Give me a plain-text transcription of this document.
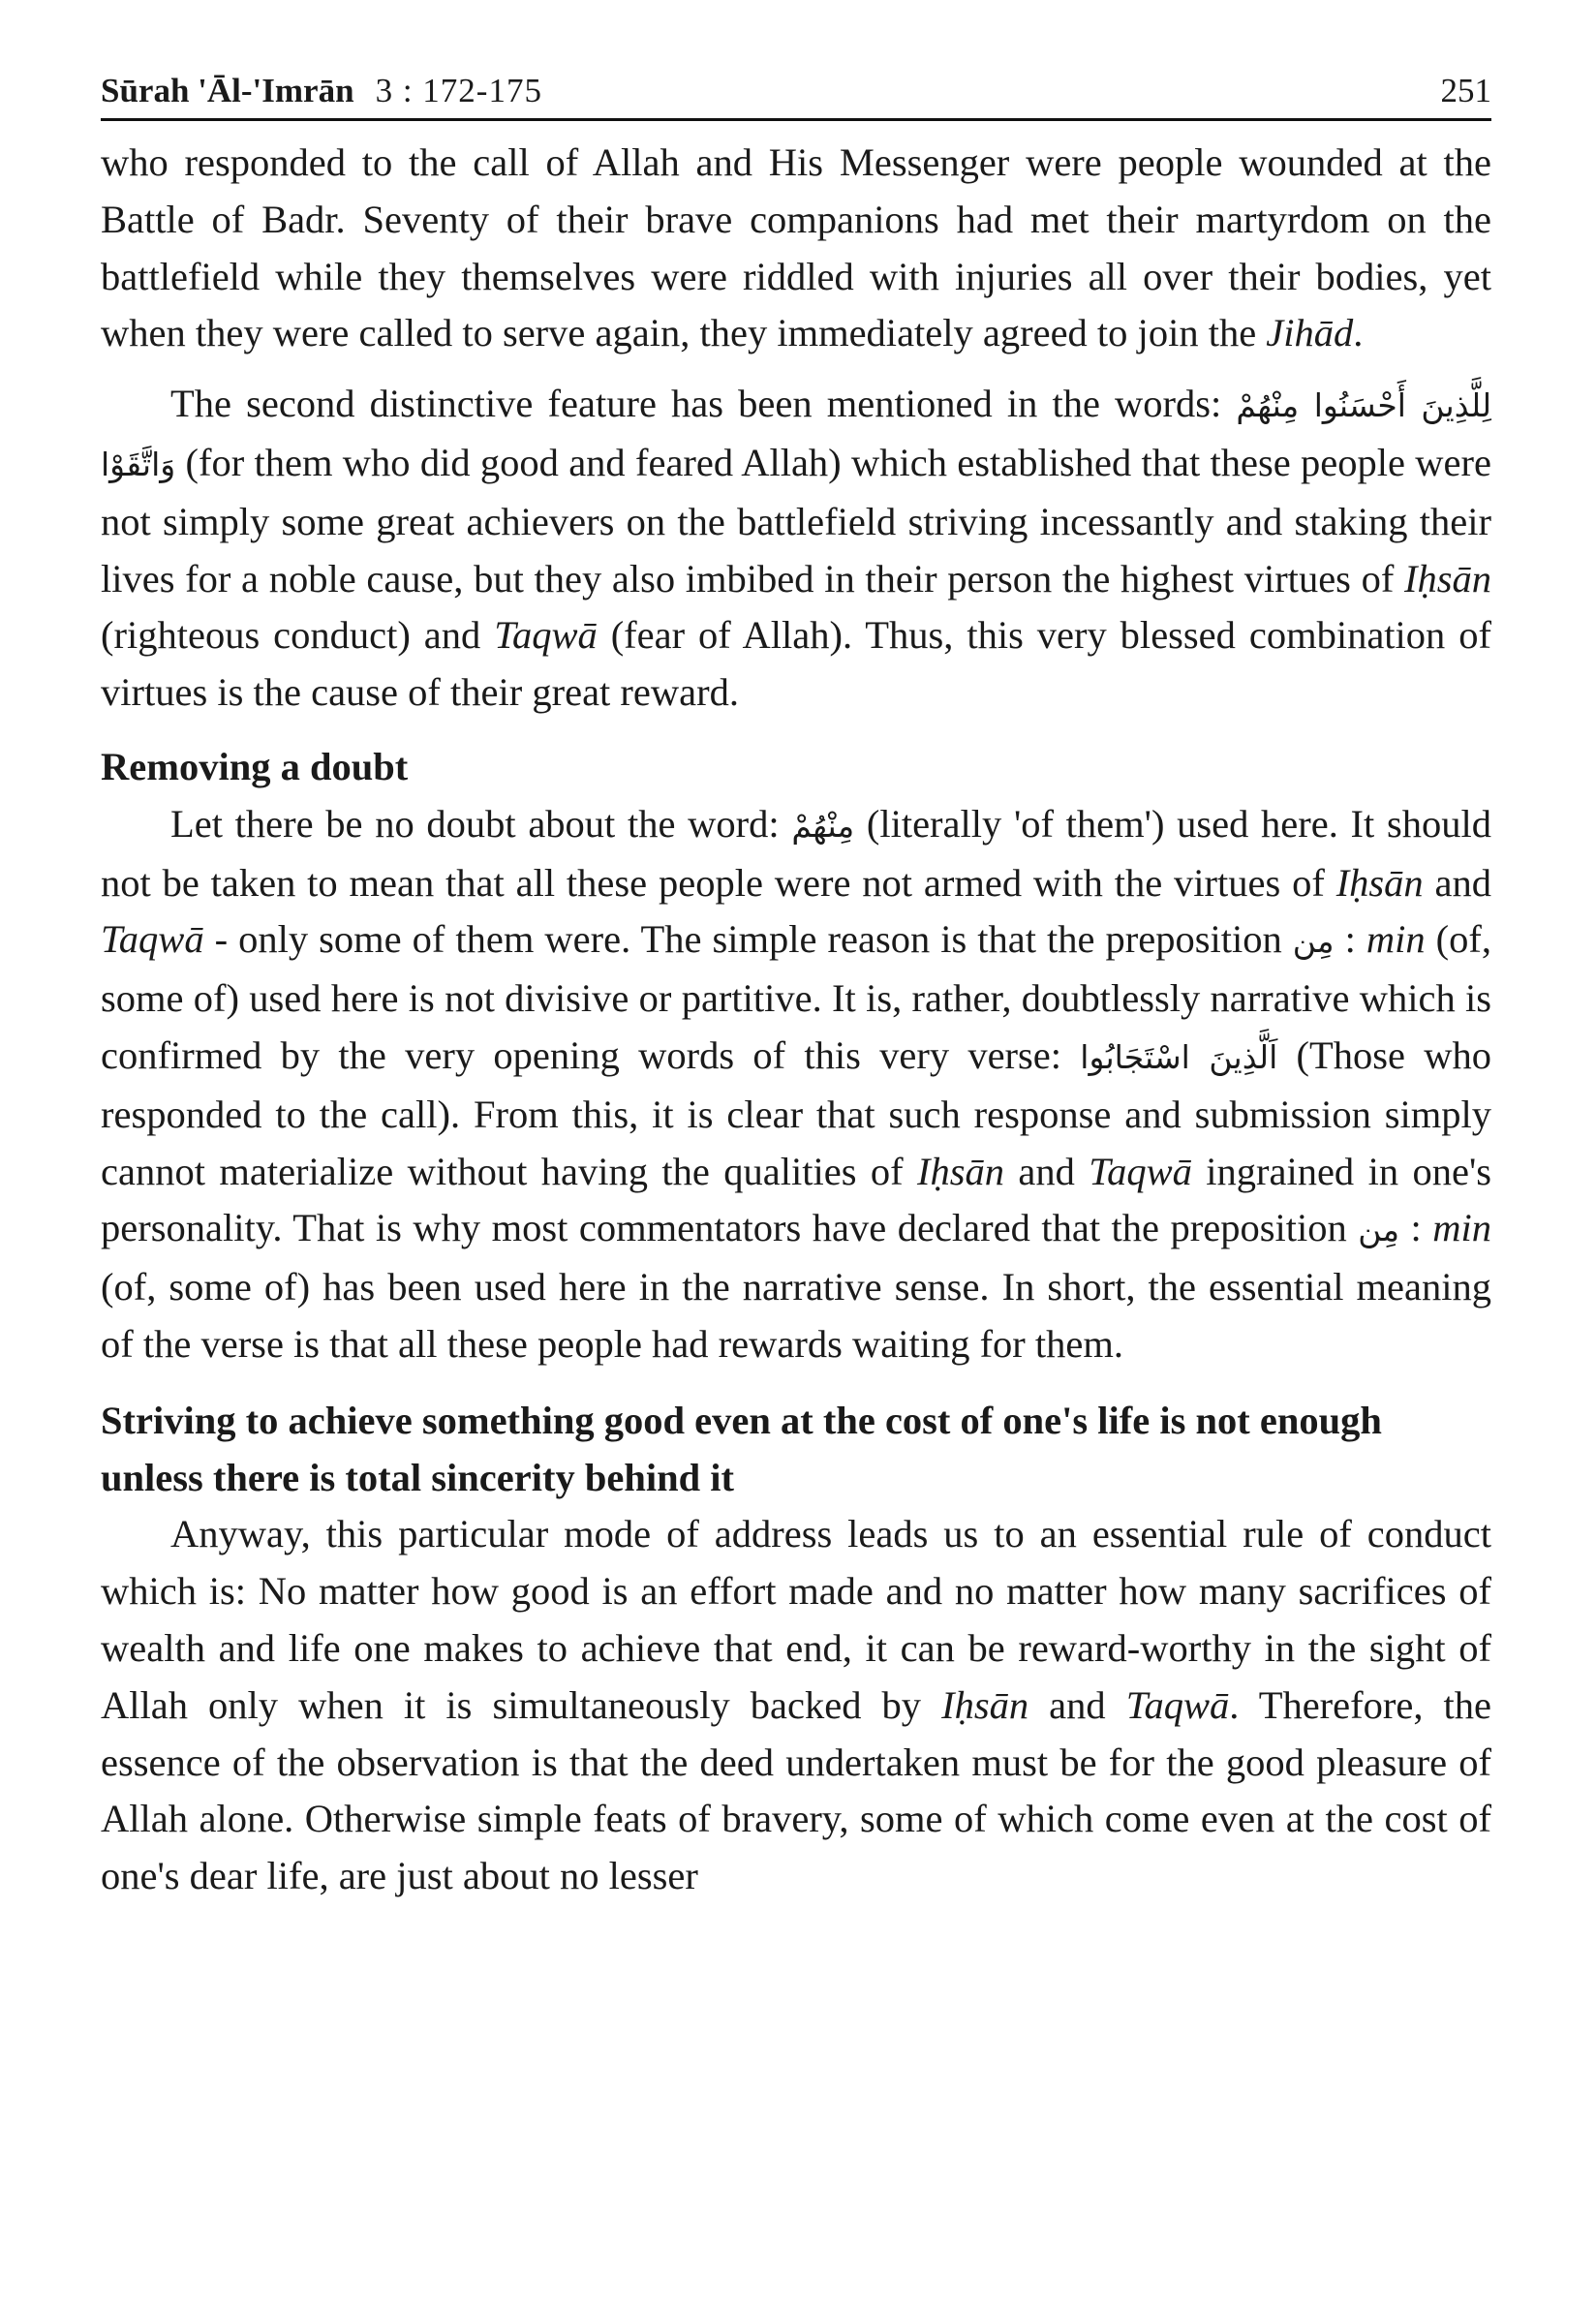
Sūrah 'Āl-'Imrān 3 : 172-175	251

who responded to the call of Allah and His Messenger were people wounded at the Battle of Badr. Seventy of their brave companions had met their martyrdom on the battlefield while they themselves were riddled with injuries all over their bodies, yet when they were called to serve again, they immediately agreed to join the Jihād.

The second distinctive feature has been mentioned in the words: لِلَّذِينَ أَحْسَنُوا مِنْهُمْ وَاتَّقَوْا (for them who did good and feared Allah) which established that these people were not simply some great achievers on the battlefield striving incessantly and staking their lives for a noble cause, but they also imbibed in their person the highest virtues of Iḥsān (righteous conduct) and Taqwā (fear of Allah). Thus, this very blessed combination of virtues is the cause of their great reward.

Removing a doubt

Let there be no doubt about the word: مِنْهُمْ (literally 'of them') used here. It should not be taken to mean that all these people were not armed with the virtues of Iḥsān and Taqwā - only some of them were. The simple reason is that the preposition مِن : min (of, some of) used here is not divisive or partitive. It is, rather, doubtlessly narrative which is confirmed by the very opening words of this very verse: اَلَّذِينَ اسْتَجَابُوا (Those who responded to the call). From this, it is clear that such response and submission simply cannot materialize without having the qualities of Iḥsān and Taqwā ingrained in one's personality. That is why most commentators have declared that the preposition مِن : min (of, some of) has been used here in the narrative sense. In short, the essential meaning of the verse is that all these people had rewards waiting for them.

Striving to achieve something good even at the cost of one's life is not enough unless there is total sincerity behind it

Anyway, this particular mode of address leads us to an essential rule of conduct which is: No matter how good is an effort made and no matter how many sacrifices of wealth and life one makes to achieve that end, it can be reward-worthy in the sight of Allah only when it is simultaneously backed by Iḥsān and Taqwā. Therefore, the essence of the observation is that the deed undertaken must be for the good pleasure of Allah alone. Otherwise simple feats of bravery, some of which come even at the cost of one's dear life, are just about no lesser
